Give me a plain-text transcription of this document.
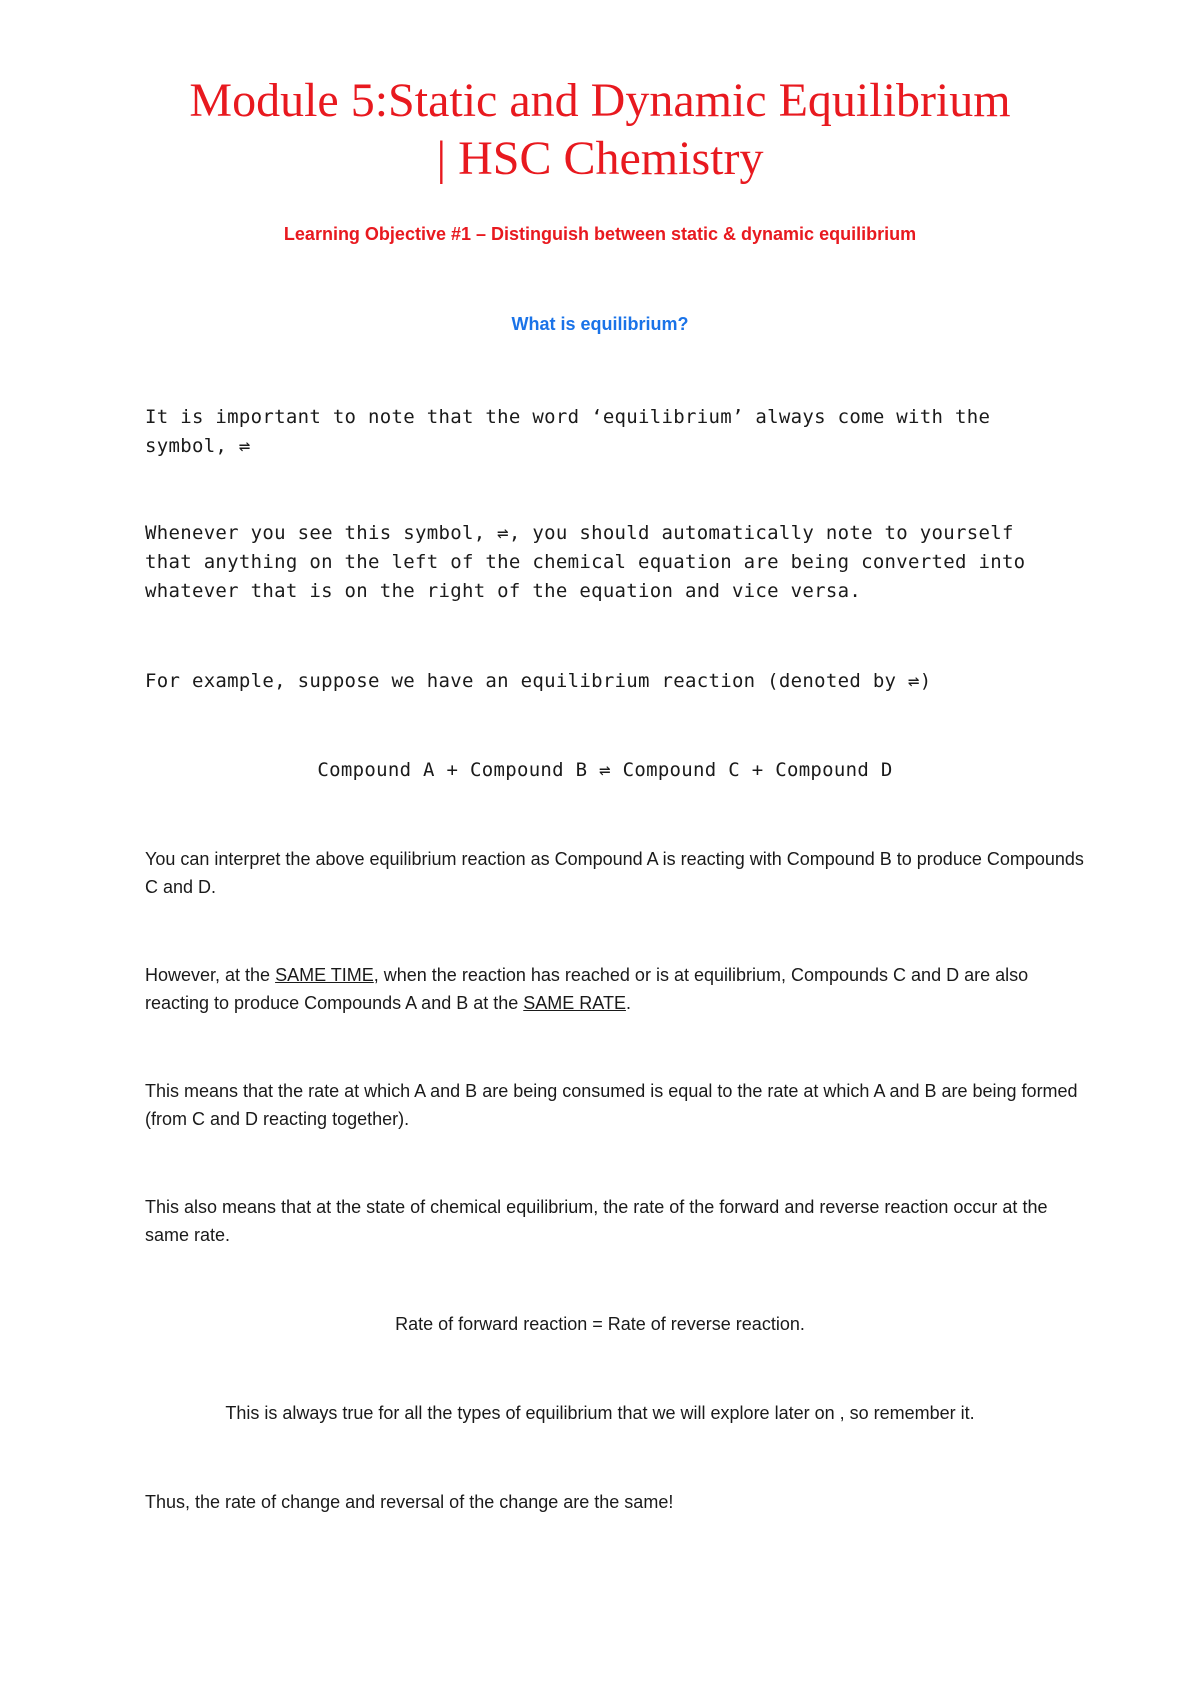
Module 5:Static and Dynamic Equilibrium
| HSC Chemistry

Learning Objective #1 – Distinguish between static & dynamic equilibrium

What is equilibrium?

It is important to note that the word ‘equilibrium’ always come with the symbol, ⇌

Whenever you see this symbol, ⇌, you should automatically note to yourself that anything on the left of the chemical equation are being converted into whatever that is on the right of the equation and vice versa.

For example, suppose we have an equilibrium reaction (denoted by ⇌)

Compound A + Compound B ⇌ Compound C + Compound D

You can interpret the above equilibrium reaction as Compound A is reacting with Compound B to produce Compounds C and D.

However, at the SAME TIME, when the reaction has reached or is at equilibrium, Compounds C and D are also reacting to produce Compounds A and B at the SAME RATE.

This means that the rate at which A and B are being consumed is equal to the rate at which A and B are being formed (from C and D reacting together).

This also means that at the state of chemical equilibrium, the rate of the forward and reverse reaction occur at the same rate.

Rate of forward reaction = Rate of reverse reaction.

This is always true for all the types of equilibrium that we will explore later on , so remember it.

Thus, the rate of change and reversal of the change are the same!
